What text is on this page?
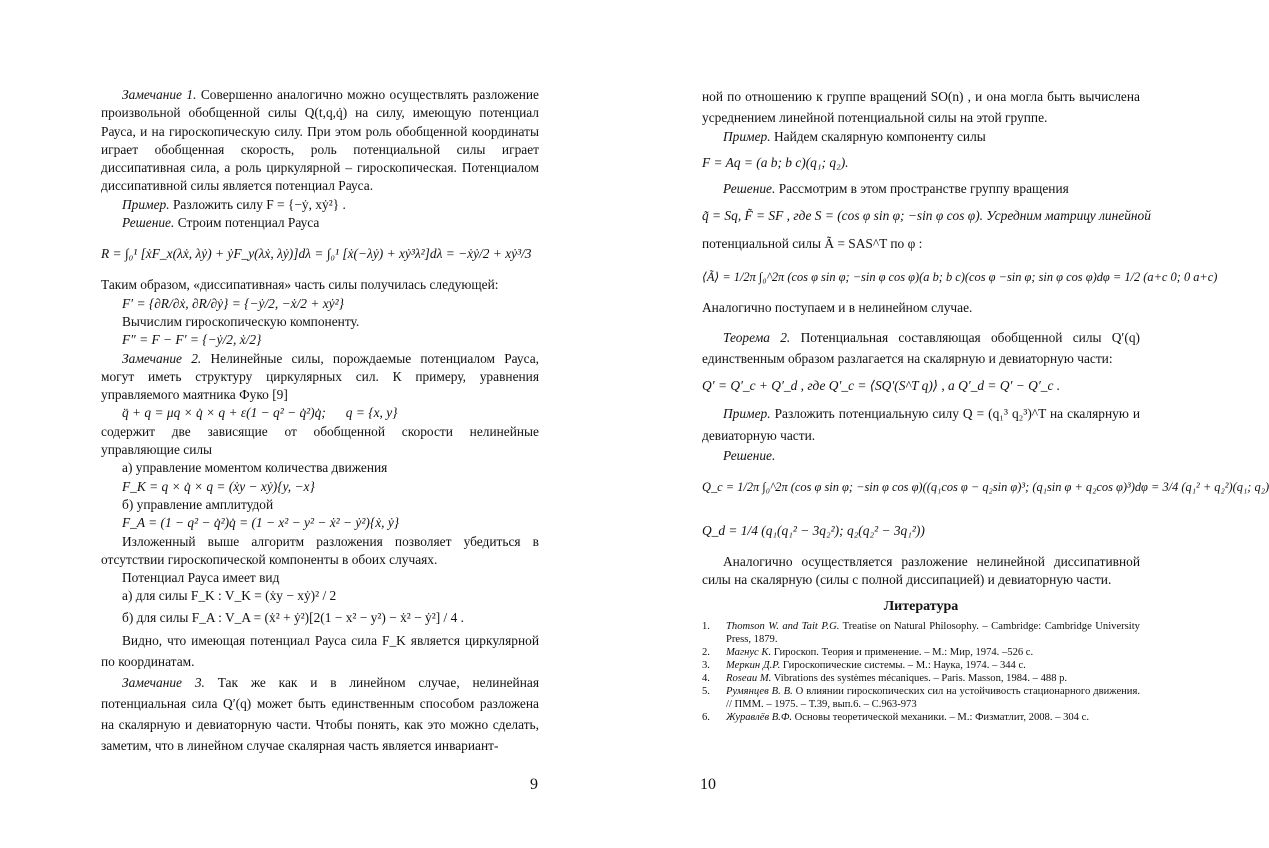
Замечание 1. Совершенно аналогично можно осуществлять разложение произвольной обобщенной силы Q(t,q,q̇) на силу, имеющую потенциал Рауса, и на гироскопическую силу. При этом роль обобщенной координаты играет обобщенная скорость, роль потенциальной силы играет диссипативная сила, а роль циркулярной – гироскопическая. Потенциалом диссипативной силы является потенциал Рауса.

Пример. Разложить силу F = {−ẏ, xẏ²} .

Решение. Строим потенциал Рауса

R = ∫₀¹ [ẋF_x(λẋ, λẏ) + ẏF_y(λẋ, λẏ)]dλ = ∫₀¹ [ẋ(−λẏ) + xẏ³λ²]dλ = −ẋẏ/2 + xẏ³/3

Таким образом, «диссипативная» часть силы получилась следующей:

F′ = {∂R/∂ẋ, ∂R/∂ẏ} = {−ẏ/2, −ẋ/2 + xẏ²}

Вычислим гироскопическую компоненту.

F″ = F − F′ = {−ẏ/2, ẋ/2}

Замечание 2. Нелинейные силы, порождаемые потенциалом Рауса, могут иметь структуру циркулярных сил. К примеру, уравнения управляемого маятника Фуко [9]

q̈ + q = μq × q̇ × q + ε(1 − q² − q̇²)q̇; q = {x, y}

содержит две зависящие от обобщенной скорости нелинейные управляющие силы

а) управление моментом количества движения

F_K = q × q̇ × q = (ẋy − xẏ){y, −x}

б) управление амплитудой

F_A = (1 − q² − q̇²)q̇ = (1 − x² − y² − ẋ² − ẏ²){ẋ, ẏ}

Изложенный выше алгоритм разложения позволяет убедиться в отсутствии гироскопической компоненты в обоих случаях.

Потенциал Рауса имеет вид

а) для силы F_K : V_K = (ẋy − xẏ)² / 2

б) для силы F_A : V_A = (ẋ² + ẏ²)[2(1 − x² − y²) − ẋ² − ẏ²] / 4 .

Видно, что имеющая потенциал Рауса сила F_K является циркулярной по координатам.

Замечание 3. Так же как и в линейном случае, нелинейная потенциальная сила Q′(q) может быть единственным способом разложена на скалярную и девиаторную части. Чтобы понять, как это можно сделать, заметим, что в линейном случае скалярная часть является инвариант-

9

ной по отношению к группе вращений SO(n) , и она могла быть вычислена усреднением линейной потенциальной силы на этой группе.

Пример. Найдем скалярную компоненту силы

F = Aq = (a b; b c)(q₁; q₂).

Решение. Рассмотрим в этом пространстве группу вращения

q̃ = Sq, F̃ = SF , где S = (cos φ sin φ; −sin φ cos φ). Усредним матрицу линейной

потенциальной силы Ã = SAS^T по φ :

⟨Ã⟩ = 1/2π ∫₀^2π (cos φ sin φ; −sin φ cos φ)(a b; b c)(cos φ −sin φ; sin φ cos φ)dφ = 1/2 (a+c 0; 0 a+c)

Аналогично поступаем и в нелинейном случае.

Теорема 2. Потенциальная составляющая обобщенной силы Q′(q) единственным образом разлагается на скалярную и девиаторную части:

Q′ = Q′_c + Q′_d , где Q′_c = ⟨SQ′(S^T q)⟩ , а Q′_d = Q′ − Q′_c .

Пример. Разложить потенциальную силу Q = (q₁³ q₂³)^T на скалярную и девиаторную части.

Решение.

Q_c = 1/2π ∫₀^2π (cos φ sin φ; −sin φ cos φ)((q₁cos φ − q₂sin φ)³; (q₁sin φ + q₂cos φ)³)dφ = 3/4 (q₁² + q₂²)(q₁; q₂)

Q_d = 1/4 (q₁(q₁² − 3q₂²); q₂(q₂² − 3q₁²))

Аналогично осуществляется разложение нелинейной диссипативной силы на скалярную (силы с полной диссипацией) и девиаторную части.

Литература
1. Thomson W. and Tait P.G. Treatise on Natural Philosophy. – Cambridge: Cambridge University Press, 1879.
2. Магнус К. Гироскоп. Теория и применение. – М.: Мир, 1974. –526 с.
3. Меркин Д.Р. Гироскопические системы. – М.: Наука, 1974. – 344 с.
4. Roseau M. Vibrations des systèmes mécaniques. – Paris. Masson, 1984. – 488 p.
5. Румянцев В. В. О влиянии гироскопических сил на устойчивость стационарного движения. // ПММ. – 1975. – Т.39, вып.6. – С.963-973
6. Журавлёв В.Ф. Основы теоретической механики. – М.: Физматлит, 2008. – 304 с.
10
